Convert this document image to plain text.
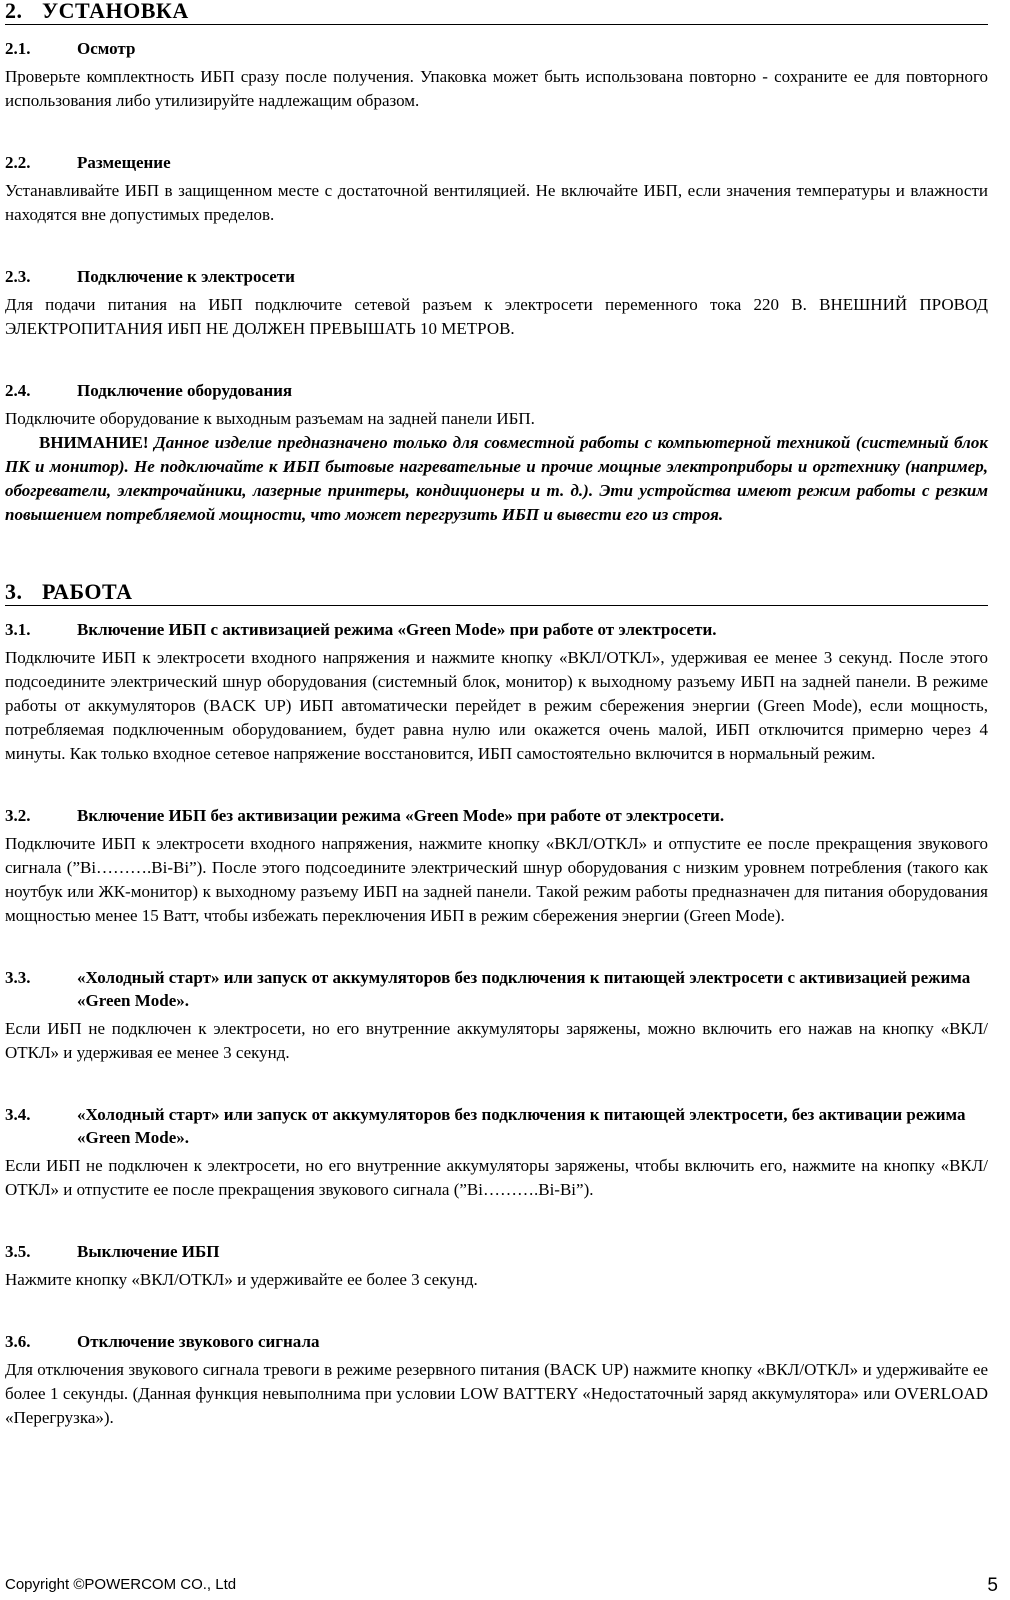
2. УСТАНОВКА
2.1.	Осмотр

Проверьте комплектность ИБП сразу после получения. Упаковка может быть использована повторно - сохраните ее для повторного использования либо утилизируйте надлежащим образом.

2.2.	Размещение

Устанавливайте ИБП в защищенном месте с достаточной вентиляцией. Не включайте ИБП, если значения температуры и влажности находятся вне допустимых пределов.

2.3.	Подключение к электросети

Для подачи питания на ИБП подключите сетевой разъем к электросети переменного тока 220 В. ВНЕШНИЙ ПРОВОД ЭЛЕКТРОПИТАНИЯ ИБП НЕ ДОЛЖЕН ПРЕВЫШАТЬ 10 МЕТРОВ.

2.4.	Подключение оборудования

Подключите оборудование к выходным разъемам на задней панели ИБП.

ВНИМАНИЕ! Данное изделие предназначено только для совместной работы с компьютерной техникой (системный блок ПК и монитор). Не подключайте к ИБП бытовые нагревательные и прочие мощные электроприборы и оргтехнику (например, обогреватели, электрочайники, лазерные принтеры, кондиционеры и т. д.). Эти устройства имеют режим работы с резким повышением потребляемой мощности, что может перегрузить ИБП и вывести его из строя.

3. РАБОТА
3.1.	Включение ИБП с активизацией режима «Green Mode» при работе от электросети.

Подключите ИБП к электросети входного напряжения и нажмите кнопку «ВКЛ/ОТКЛ», удерживая ее менее 3 секунд. После этого подсоедините электрический шнур оборудования (системный блок, монитор) к выходному разъему ИБП на задней панели. В режиме работы от аккумуляторов (BACK UP) ИБП автоматически перейдет в режим сбережения энергии (Green Mode), если мощность, потребляемая подключенным оборудованием, будет равна нулю или окажется очень малой, ИБП отключится примерно через 4 минуты. Как только входное сетевое напряжение восстановится, ИБП самостоятельно включится в нормальный режим.

3.2.	Включение ИБП без активизации режима «Green Mode» при работе от электросети.

Подключите ИБП к электросети входного напряжения, нажмите кнопку «ВКЛ/ОТКЛ» и отпустите ее после прекращения звукового сигнала (”Bi……….Bi-Bi”). После этого подсоедините электрический шнур оборудования с низким уровнем потребления (такого как ноутбук или ЖК-монитор) к выходному разъему ИБП на задней панели. Такой режим работы предназначен для питания оборудования мощностью менее 15 Ватт, чтобы избежать переключения ИБП в режим сбережения энергии (Green Mode).

3.3.	«Холодный старт» или запуск от аккумуляторов без подключения к питающей электросети с активизацией режима «Green Mode».

Если ИБП не подключен к электросети, но его внутренние аккумуляторы заряжены, можно включить его нажав на кнопку «ВКЛ/ОТКЛ» и удерживая ее менее 3 секунд.

3.4.	«Холодный старт» или запуск от аккумуляторов без подключения к питающей электросети, без активации режима «Green Mode».

Если ИБП не подключен к электросети, но его внутренние аккумуляторы заряжены, чтобы включить его, нажмите на кнопку «ВКЛ/ОТКЛ» и отпустите ее после прекращения звукового сигнала (”Bi……….Bi-Bi”).

3.5.	Выключение ИБП

Нажмите кнопку «ВКЛ/ОТКЛ» и удерживайте ее более 3 секунд.

3.6.	Отключение звукового сигнала

Для отключения звукового сигнала тревоги в режиме резервного питания (BACK UP) нажмите кнопку «ВКЛ/ОТКЛ» и удерживайте ее более 1 секунды. (Данная функция невыполнима при условии LOW BATTERY «Недостаточный заряд аккумулятора» или OVERLOAD «Перегрузка»).

Copyright ©POWERCOM CO., Ltd	5
